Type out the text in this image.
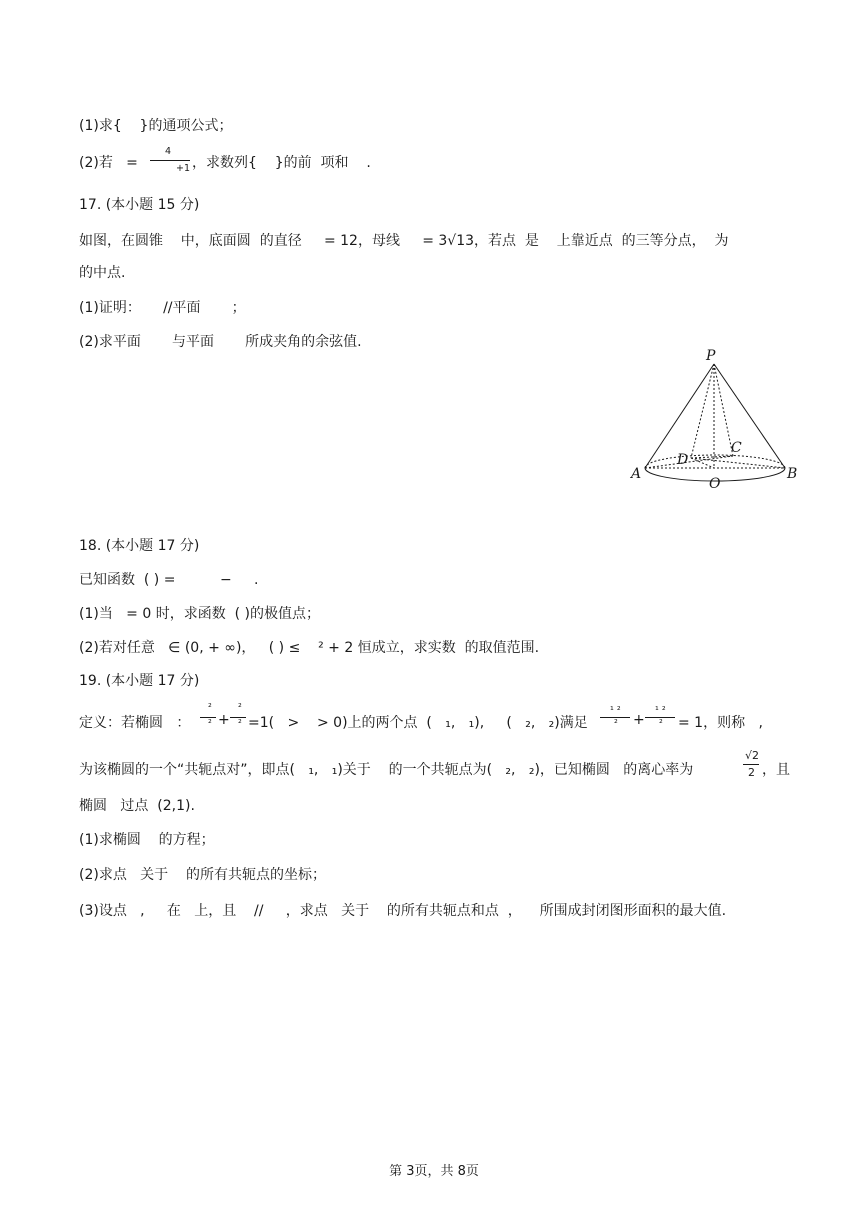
(1)求{    }的通项公式；
(2)若   =
4
+1 ，求数列{    }的前  项和    .
17. (本小题 15 分)
如图，在圆锥    中，底面圆  的直径     = 12，母线     = 3√13，若点  是    上靠近点  的三等分点，  为
的中点.
(1)证明：     //平面       ；
(2)求平面       与平面       所成夹角的余弦值.
P
A	B
C
D
O
18. (本小题 17 分)
已知函数  ( ) =          −     .
(1)当   = 0 时，求函数  ( )的极值点；
(2)若对任意   ∈ (0, + ∞)，   ( ) ≤    ² + 2 恒成立，求实数  的取值范围.
19. (本小题 17 分)
定义：若椭圆   ：
²
² +
²
² =1(   >    > 0)上的两个点  (   ₁,   ₁),     (   ₂,   ₂)满足
₁ ₂
² +
₁ ₂
² = 1，则称   ,
为该椭圆的一个“共轭点对”，即点(   ₁,   ₁)关于    的一个共轭点为(   ₂,   ₂)，已知椭圆   的离心率为
√2
2 ，且
椭圆   过点  (2,1).
(1)求椭圆    的方程；
(2)求点   关于    的所有共轭点的坐标；
(3)设点   ,     在   上，且    //     ，求点   关于    的所有共轭点和点  ，    所围成封闭图形面积的最大值.
第 3页，共 8页
